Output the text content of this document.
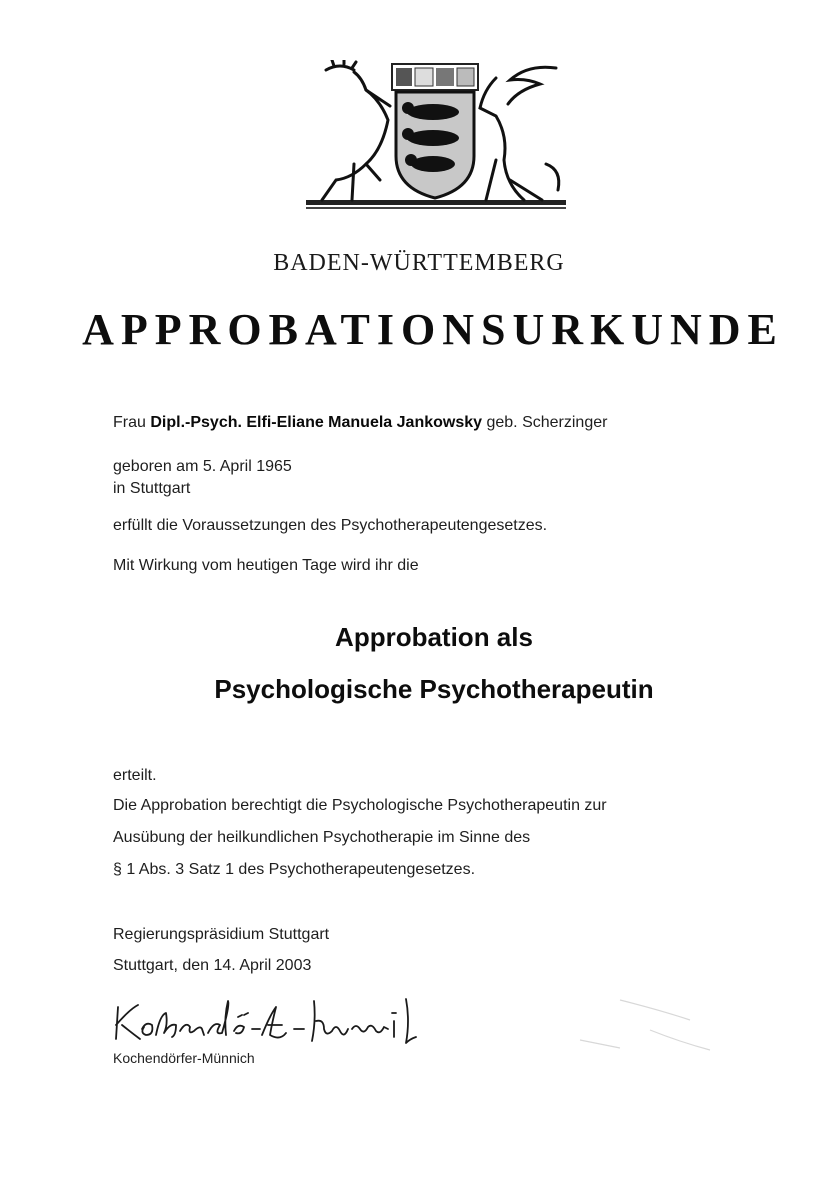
BADEN-WÜRTTEMBERG
APPROBATIONSURKUNDE
Frau Dipl.-Psych. Elfi-Eliane Manuela Jankowsky geb. Scherzinger
geboren am 5. April 1965
in Stuttgart
erfüllt die Voraussetzungen des Psychotherapeutengesetzes.
Mit Wirkung vom heutigen Tage wird ihr die
Approbation als
Psychologische Psychotherapeutin
erteilt.
Die Approbation berechtigt die Psychologische Psychotherapeutin zur
Ausübung der heilkundlichen Psychotherapie im Sinne des
§ 1 Abs. 3 Satz 1 des Psychotherapeutengesetzes.
Regierungspräsidium Stuttgart
Stuttgart, den 14. April 2003
Kochendörfer-Münnich
